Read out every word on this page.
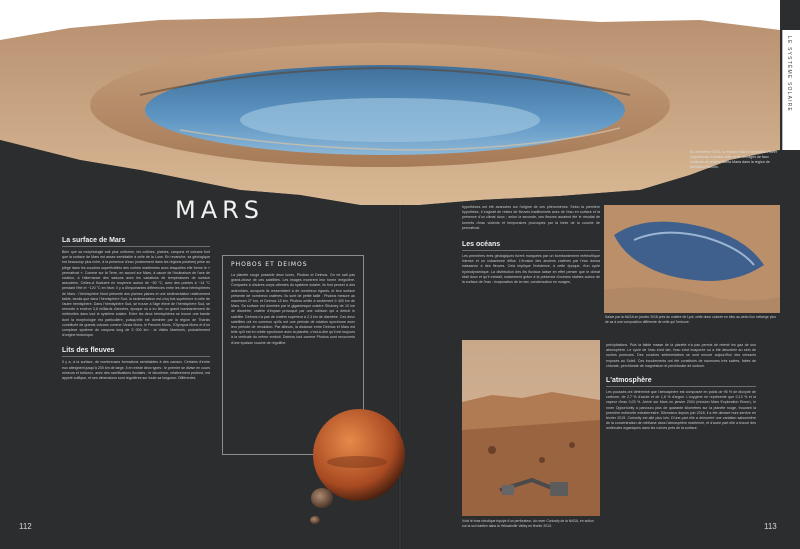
LE SYSTÈME SOLAIRE
En décembre 2013, la mission Mars Exploration Rover Opportunity a réalisé cette série d'images de faux couleurs du cratère Santa Maria dans la région de Meridiani Planum.
MARS
La surface de Mars

Bien que sa morphologie soit plus uniforme, les collines, plaines, canyons et volcans font que la surface de Mars est assez semblable à celle de la Lune. En revanche, sa géologique est beaucoup plus riche, à la présence d'eau (notamment dans les régions polaires) prise au piège dans les couches superficielles des roches martiennes avec lesquelles elle forme le « permafrost ». Comme sur la Terre, en accord sur Mars, à cause de l'inclinaison de l'axe de rotation, à l'alternance des saisons avec les variations de températures de surface associées. Celles-ci fluctuent en moyenne autour de −60 °C, avec des pointes à −14 °C pendant l'été et −120 °C en hiver. Il y a d'importantes différences entre les deux hémisphères de Mars : l'hémisphère Nord présente des plaines planes et une sédimentation relativement faible, tandis que dans l'hémisphère Sud, la sédimentation est cinq fois supérieure à celle de l'autre hémisphère. Dans l'hémisphère Sud, se trouve à l'âge élevé de l'hémisphère Sud, se remonte à environ 3,8 milliards d'années, époque où a eu lieu un grand bombardement de météorites dans tout le système solaire. Entre les deux hémisphères se trouve une bande dont la morphologie est particulière, puisqu'elle est dominée par la région de Tharsis constituée de grands volcans comme l'Arsia Mons, le Pavonis Mons, l'Olympus Mons et d'un complexe système de canyons long de 5 000 km : la Valles Marineris, probablement d'origine tectonique.

Lits des fleuves

Il y a, à la surface, de nombreuses formations semblables à des canaux. Certains d'entre eux atteignent jusqu'à 200 km de large. Il en existe deux types : le premier se divise en cours mineurs et tortueux, avec des ramifications fluviales ; le deuxième, relativement profond, est appelé sulfique, et ses dimensions sont régulières sur toute sa longueur. Différentes

PHOBOS ET DEIMOS

La planète rouge possède deux lunes, Phobos et Deimos. On ne sait pas grand-chose de ces satellites. Les images montrent leur forme irrégulière. Comparés à d'autres corps célestes du système solaire, ils font penser à des astéroïdes, auxquels ils ressemblent à de nombreux égards, et leur surface présente de nombreux cratères. Ils sont de petite taille : Phobos mesure au maximum 27 km, et Deimos 15 km. Phobos orbite à seulement 9 400 km de Mars. Sa surface est dominée par le gigantesque cratère Stickney de 10 km de diamètre, cratère d'impact provoqué par une collision qui a détruit le satellite. Deimos n'a pas de cratère supérieur à 2,3 km de diamètre. Ces deux satellites ont en commun qu'ils ont une période de rotation synchrone avec leur période de révolution. Par ailleurs, la distance entre Deimos et Mars est telle qu'il est en orbite synchrone avec la planète, c'est-à-dire qu'il est toujours à la verticale du même endroit. Deimos tout comme Phobos sont recouverts d'une épaisse couche de régolithe.

hypothèses ont été avancées sur l'origine de ces phénomènes. Selon la première hypothèse, il s'agirait de restes de fleuves traditionnels avec de l'eau en surface et la présence d'un climat doux ; selon la seconde, ces fleuves auraient été le résultat de torrents d'eau violents et temporaires provoqués par la fonte de la couche de permafrost.

Les océans

Les premières ères géologiques furent marquées par un bombardement météoritique intense et un volcanisme diffus. L'érosion des anciens cratères par l'eau donna naissance à des fleuves. Cela implique l'existence, à cette époque, d'un cycle hydrodynamique. La distribution des lits fluviaux laisse en effet penser que le climat était doux et qu'il existait, notamment grâce à la présence d'océans stables autour de la surface de l'eau : évaporation de la mer, condensation en nuages,

Saisie par la NASA en janvier 2018 près du cratère de Lyot, cette dune colorée en bleu au-delà d'un mélange plus de sa à une composition différente de celle qui l'entoure.
Voici le bras robotique équipé d'un perforateur, du rover Curiosity de la NASA, en action sur la sol martien dans la Yellowknife Valley en février 2013.

précipitations. Puis la faible masse de la planète n'a pas permis de retenir les gaz de son atmosphère. Le cycle de l'eau s'est tari, l'eau s'est évaporée ou a été absorbée au sein de roches poreuses. Des couches sédimentaires se sont encore aujourd'hui des versants exposés au Soleil. Ces écoulements ont été constitués de saumures très salées, faites de chlorate, perchlorate de magnésium et perchlorate de sodium.

L'atmosphère

Les poussés ont déterminé que l'atmosphère est composée en poids de 96 % de dioxyde de carbone, de 2,7 % d'azote et de 1,6 % d'argon. L'oxygène ne représente que 0,13 % et la vapeur d'eau 0,03 %. Arrivé sur Mars en janvier 2004 (mission Mars Exploration Rover), le rover Opportunity a parcouru plus de quarante kilomètres sur la planète rouge, trouvant la première météorite extraterrestre. Silencieux depuis juin 2018, il a été déclaré hors service en février 2019. Curiosity est allé plus loin. D'une part elle a démontré une variation saisonnière de la concentration de méthane dans l'atmosphère martienne, et d'autre part elle a trouvé des molécules organiques dans les roches près de la surface.

112	113
